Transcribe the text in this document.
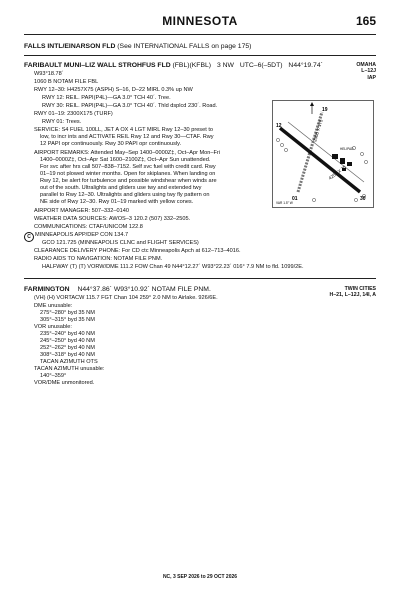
MINNESOTA	165
FALLS INTL/EINARSON FLD (See INTERNATIONAL FALLS on page 175)
FARIBAULT MUNI–LIZ WALL STROHFUS FLD (FBL)(KFBL) 3 NW UTC–6(–5DT) N44°19.74´	OMAHA
L–12J
IAP
W93°18.78´
1060 B NOTAM FILE FBL
RWY 12–30: H4257X75 (ASPH) S–16, D–22 MIRL 0.3% up NW
RWY 12: REIL. PAPI(P4L)—GA 3.0° TCH 40´. Tree.
RWY 30: REIL. PAPI(P4L)—GA 3.0° TCH 40´. Thld dsplcd 230´. Road.
RWY 01–19: 2300X175 (TURF)
RWY 01: Trees.
SERVICE: S4 FUEL 100LL, JET A OX 4 LGT MIRL Rwy 12–30 preset to
low, to incr ints and ACTIVATE REIL Rwy 12 and Rwy 30—CTAF. Rwy
12 PAPI opr continuously. Rwy 30 PAPI opr continuously.
AIRPORT REMARKS: Attended May–Sep 1400–0000Z‡, Oct–Apr Mon–Fri
1400–0000Z‡, Oct–Apr Sat 1600–2100Z‡, Oct–Apr Sun unattended.
For svc after hrs call 507–838–7152. Self svc fuel with credit card. Rwy
01–19 not plowed winter months. Open for skiplanes. When landing on
Rwy 12, be alert for turbulence and possible windshear when winds are
out of the south. Ultralights and gliders use twy and extended twy
parallel to Rwy 12–30. Ultralights and gliders using twy fly pattern on
NE side of Rwy 12–30. Rwy 01–19 marked with yellow cones.
AIRPORT MANAGER: 507–332–0140
WEATHER DATA SOURCES: AWOS–3 120.2 (507) 332–2505.
COMMUNICATIONS: CTAF/UNICOM 122.8
C MINNEAPOLIS APP/DEP CON 134.7
GCO 121.725 (MINNEAPOLIS CLNC and FLIGHT SERVICES)
CLEARANCE DELIVERY PHONE: For CD ctc Minneapolis Apch at 612–713–4016.
RADIO AIDS TO NAVIGATION: NOTAM FILE PNM.
HALFWAY (T) (T) VORW/DME 111.2 FOW Chan 49 N44°12.27´ W93°22.23´ 016° 7.9 NM to fld. 1099/2E.
2300 X 175
4257 X 75
12
30
01
19
HELIPAD
VAR 1.5° W
FARMINGTON N44°37.86´ W93°10.92´ NOTAM FILE PNM.	TWIN CITIES
H–21, L–12J, 14I, A
(VH) (H) VORTACW 115.7 FGT Chan 104 259° 2.0 NM to Airlake. 926/6E.
DME unusable:
275°–280° byd 35 NM
305°–315° byd 35 NM
VOR unusable:
235°–240° byd 40 NM
245°–250° byd 40 NM
252°–262° byd 40 NM
308°–318° byd 40 NM
TACAN AZIMUTH OTS
TACAN AZIMUTH unusable:
140°–359°
VOR/DME unmonitored.
NC, 3 SEP 2026 to 29 OCT 2026
